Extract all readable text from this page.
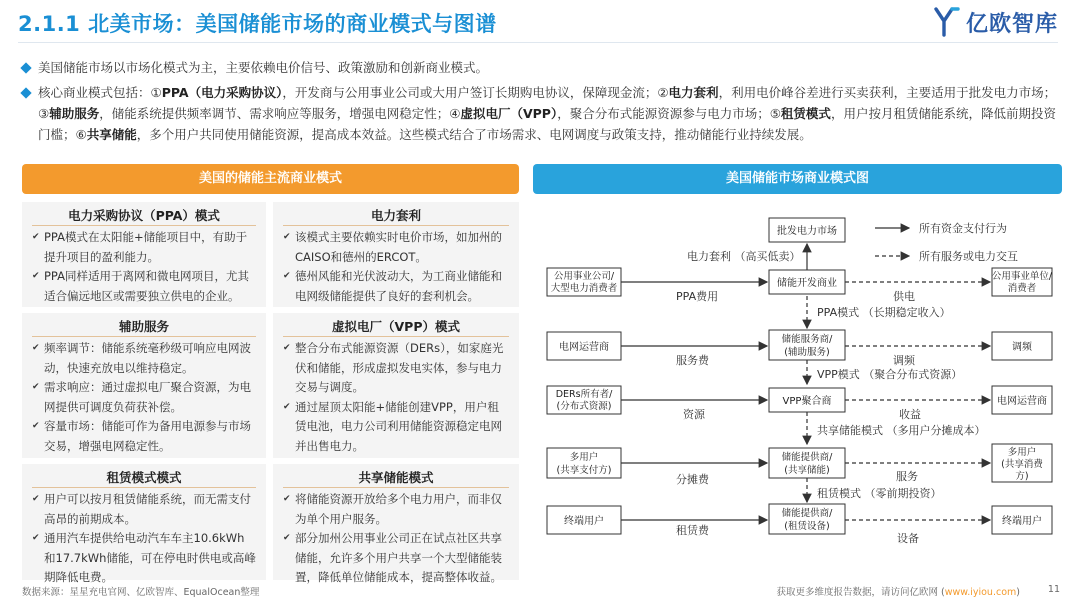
2.1.1 北美市场：美国储能市场的商业模式与图谱	亿欧智库
美国储能市场以市场化模式为主，主要依赖电价信号、政策激励和创新商业模式。
核心商业模式包括：①PPA（电力采购协议），开发商与公用事业公司或大用户签订长期购电协议，保障现金流；②电力套利，利用电价峰谷差进行买卖获利，主要适用于批发电力市场；③辅助服务，储能系统提供频率调节、需求响应等服务，增强电网稳定性；④虚拟电厂（VPP），聚合分布式能源资源参与电力市场；⑤租赁模式，用户按月租赁储能系统，降低前期投资门槛；⑥共享储能，多个用户共同使用储能资源，提高成本效益。这些模式结合了市场需求、电网调度与政策支持，推动储能行业持续发展。
美国的储能主流商业模式	美国储能市场商业模式图
电力采购协议（PPA）模式
✔ PPA模式在太阳能+储能项目中，有助于提升项目的盈利能力。
✔ PPA同样适用于离网和微电网项目，尤其适合偏远地区或需要独立供电的企业。
电力套利
✔ 该模式主要依赖实时电价市场，如加州的CAISO和德州的ERCOT。
✔ 德州风能和光伏波动大，为工商业储能和电网级储能提供了良好的套利机会。
辅助服务
✔ 频率调节：储能系统毫秒级可响应电网波动，快速充放电以维持稳定。
✔ 需求响应：通过虚拟电厂聚合资源，为电网提供可调度负荷获补偿。
✔ 容量市场：储能可作为备用电源参与市场交易，增强电网稳定性。
虚拟电厂（VPP）模式
✔ 整合分布式能源资源（DERs），如家庭光伏和储能，形成虚拟发电实体，参与电力交易与调度。
✔ 通过屋顶太阳能+储能创建VPP，用户租赁电池，电力公司利用储能资源稳定电网并出售电力。
租赁模式模式
✔ 用户可以按月租赁储能系统，而无需支付高昂的前期成本。
✔ 通用汽车提供给电动汽车车主10.6kWh 和17.7kWh储能，可在停电时供电或高峰期降低电费。
共享储能模式
✔ 将储能资源开放给多个电力用户，而非仅为单个用户服务。
✔ 部分加州公用事业公司正在试点社区共享储能，允许多个用户共享一个大型储能装置，降低单位储能成本，提高整体收益。
所有资金支付行为
所有服务或电力交互
批发电力市场
电力套利 （高买低卖）
公用事业公司/
大型电力消费者	储能开发商业
公用事业单位/
消费者
PPA费用	供电
PPA模式 （长期稳定收入）
电网运营商
储能服务商/
(辅助服务)	调频
服务费	调频
VPP模式 （聚合分布式资源）
DERs所有者/
(分布式资源)	VPP聚合商	电网运营商
资源	收益
共享储能模式 （多用户分摊成本）
多用户
(共享支付方)
储能提供商/
(共享储能)
多用户
(共享消费
方)
分摊费	服务
租赁模式 （零前期投资）
终端用户
储能提供商/
(租赁设备)	终端用户
租赁费
设备
数据来源：星星充电官网、亿欧智库、EqualOcean整理	获取更多维度报告数据，请访问亿欧网 (www.iyiou.com)	11
